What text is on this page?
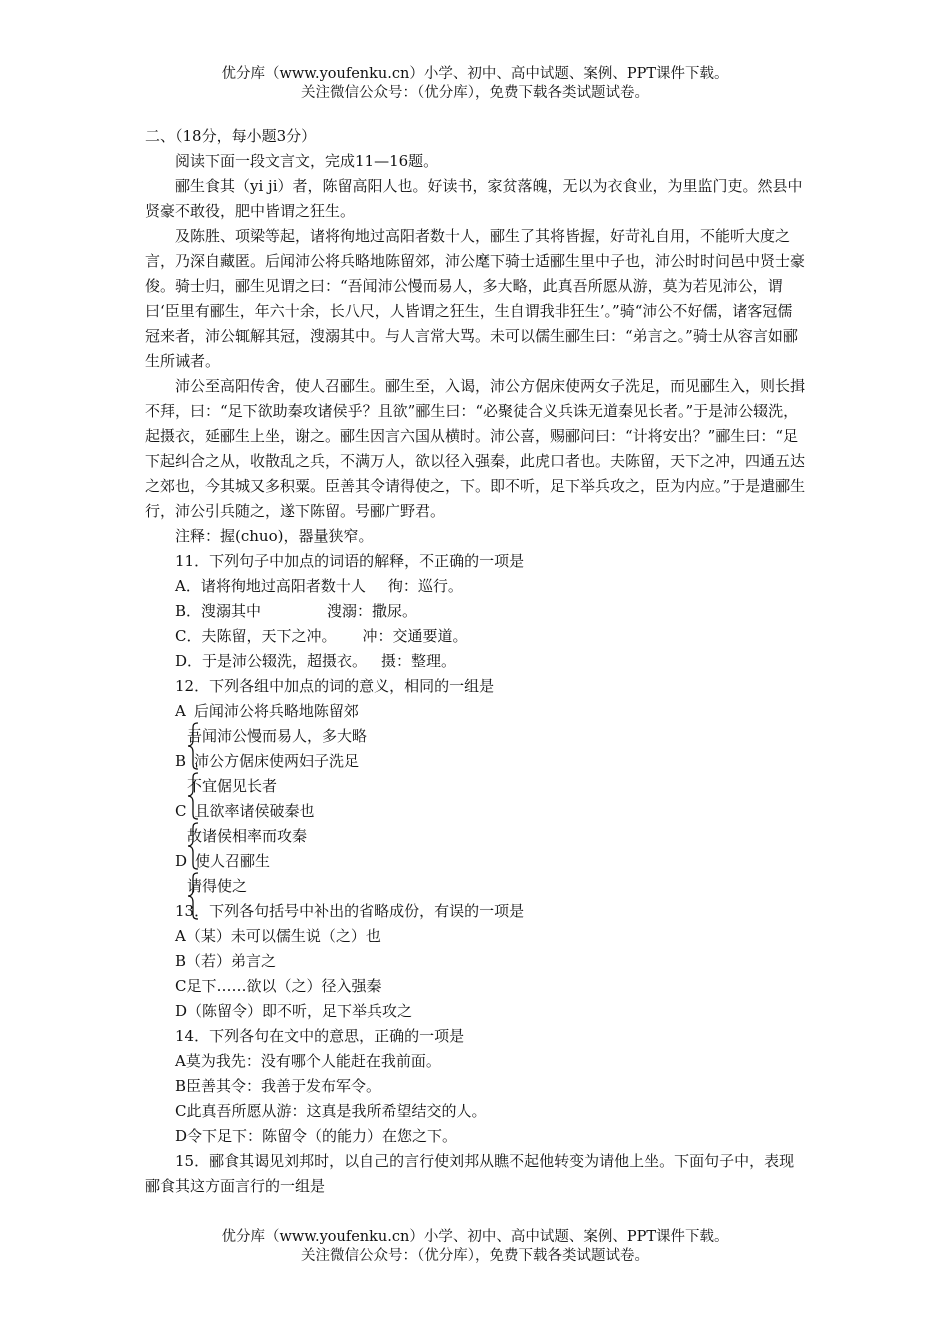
优分库（www.youfenku.cn）小学、初中、高中试题、案例、PPT课件下载。
关注微信公众号：（优分库），免费下载各类试题试卷。

二、（18分，每小题3分）

阅读下面一段文言文，完成11—16题。

郦生食其（yi ji）者，陈留高阳人也。好读书，家贫落魄，无以为衣食业，为里监门吏。然县中贤豪不敢役，肥中皆谓之狂生。

及陈胜、项梁等起，诸将徇地过高阳者数十人，郦生了其将皆握，好苛礼自用，不能听大度之言，乃深自藏匿。后闻沛公将兵略地陈留郊，沛公麾下骑士适郦生里中子也，沛公时时问邑中贤士豪俊。骑士归，郦生见谓之曰：“吾闻沛公慢而易人，多大略，此真吾所愿从游，莫为若见沛公，谓曰‘臣里有郦生，年六十余，长八尺，人皆谓之狂生，生自谓我非狂生’。”骑“沛公不好儒，诸客冠儒冠来者，沛公辄解其冠，溲溺其中。与人言常大骂。未可以儒生郦生曰：“弟言之。”骑士从容言如郦生所诫者。

沛公至高阳传舍，使人召郦生。郦生至，入谒，沛公方倨床使两女子洗足，而见郦生入，则长揖不拜，曰：“足下欲助秦攻诸侯乎？且欲”郦生曰：“必聚徒合义兵诛无道秦见长者。”于是沛公辍洗，起摄衣，延郦生上坐，谢之。郦生因言六国从横时。沛公喜，赐郦问曰：“计将安出？”郦生曰：“足下起纠合之从，收散乱之兵，不满万人，欲以径入强秦，此虎口者也。夫陈留，天下之冲，四通五达之郊也，今其城又多积粟。臣善其令请得使之，下。即不听，足下举兵攻之，臣为内应。”于是遣郦生行，沛公引兵随之，遂下陈留。号郦广野君。

注释：握(chuo)，器量狭窄。

11．下列句子中加点的词语的解释，不正确的一项是

A．诸将徇地过高阳者数十人 徇：巡行。

B．溲溺其中	溲溺：撒尿。

C．夫陈留，天下之冲。 冲：交通要道。

D．于是沛公辍洗，超摄衣。 摄：整理。

12．下列各组中加点的词的意义，相同的一组是

A 后闻沛公将兵略地陈留郊

吾闻沛公慢而易人，多大略

B 沛公方倨床使两妇子洗足

不宜倨见长者

C 且欲率诸侯破秦也

故诸侯相率而攻秦

D 使人召郦生

请得使之

13．下列各句括号中补出的省略成份，有误的一项是

A（某）未可以儒生说（之）也

B（若）弟言之

C足下……欲以（之）径入强秦

D（陈留令）即不听，足下举兵攻之

14．下列各句在文中的意思，正确的一项是

A莫为我先：没有哪个人能赶在我前面。

B臣善其令：我善于发布军令。

C此真吾所愿从游：这真是我所希望结交的人。

D令下足下：陈留令（的能力）在您之下。

15．郦食其谒见刘邦时，以自己的言行使刘邦从瞧不起他转变为请他上坐。下面句子中，表现郦食其这方面言行的一组是

优分库（www.youfenku.cn）小学、初中、高中试题、案例、PPT课件下载。
关注微信公众号：（优分库），免费下载各类试题试卷。
